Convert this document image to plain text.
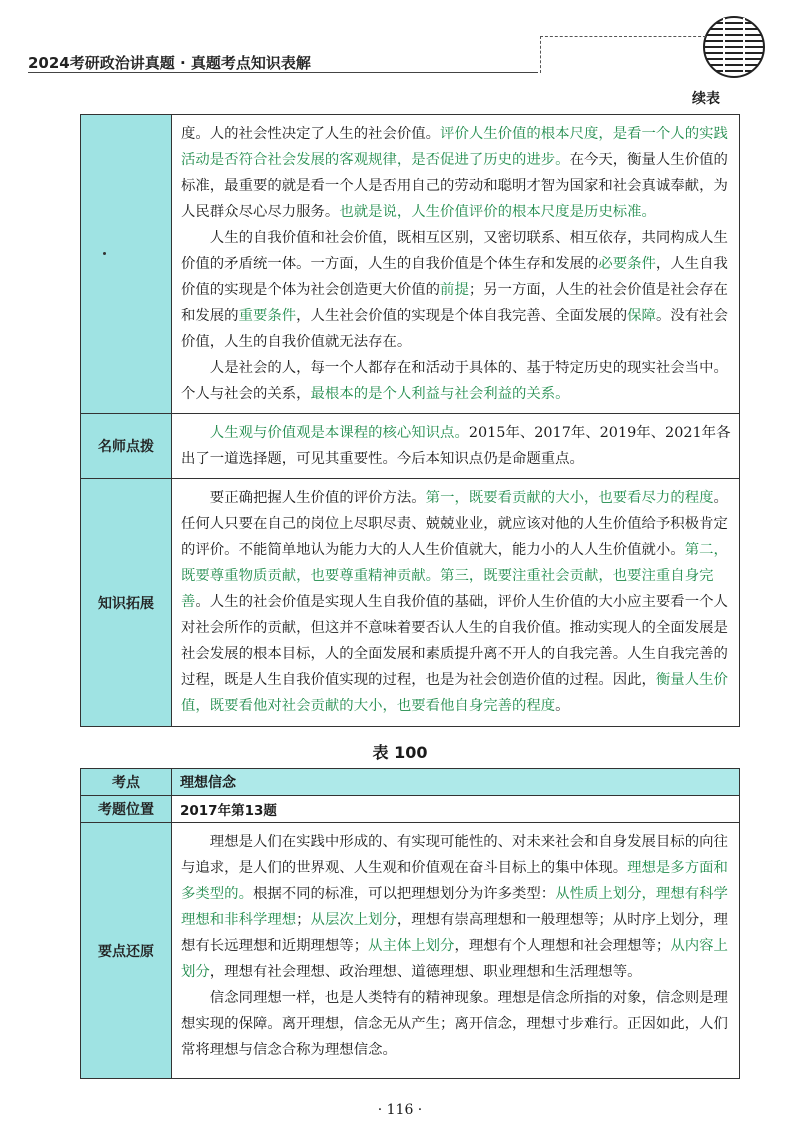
2024考研政治讲真题 · 真题考点知识表解
续表

	度。人的社会性决定了人生的社会价值。评价人生价值的根本尺度，是看一个人的实践活动是否符合社会发展的客观规律，是否促进了历史的进步。在今天，衡量人生价值的标准，最重要的就是看一个人是否用自己的劳动和聪明才智为国家和社会真诚奉献，为人民群众尽心尽力服务。也就是说，人生价值评价的根本尺度是历史标准。

人生的自我价值和社会价值，既相互区别，又密切联系、相互依存，共同构成人生价值的矛盾统一体。一方面，人生的自我价值是个体生存和发展的必要条件，人生自我价值的实现是个体为社会创造更大价值的前提；另一方面，人生的社会价值是社会存在和发展的重要条件，人生社会价值的实现是个体自我完善、全面发展的保障。没有社会价值，人生的自我价值就无法存在。

人是社会的人，每一个人都存在和活动于具体的、基于特定历史的现实社会当中。个人与社会的关系，最根本的是个人利益与社会利益的关系。

名师点拨	人生观与价值观是本课程的核心知识点。2015年、2017年、2019年、2021年各出了一道选择题，可见其重要性。今后本知识点仍是命题重点。

知识拓展	要正确把握人生价值的评价方法。第一，既要看贡献的大小，也要看尽力的程度。任何人只要在自己的岗位上尽职尽责、兢兢业业，就应该对他的人生价值给予积极肯定的评价。不能简单地认为能力大的人人生价值就大，能力小的人人生价值就小。第二，既要尊重物质贡献，也要尊重精神贡献。第三，既要注重社会贡献，也要注重自身完善。人生的社会价值是实现人生自我价值的基础，评价人生价值的大小应主要看一个人对社会所作的贡献，但这并不意味着要否认人生的自我价值。推动实现人的全面发展是社会发展的根本目标，人的全面发展和素质提升离不开人的自我完善。人生自我完善的过程，既是人生自我价值实现的过程，也是为社会创造价值的过程。因此，衡量人生价值，既要看他对社会贡献的大小，也要看他自身完善的程度。

表 100
考点	理想信念
考题位置	2017年第13题
要点还原	理想是人们在实践中形成的、有实现可能性的、对未来社会和自身发展目标的向往与追求，是人们的世界观、人生观和价值观在奋斗目标上的集中体现。理想是多方面和多类型的。根据不同的标准，可以把理想划分为许多类型：从性质上划分，理想有科学理想和非科学理想；从层次上划分，理想有崇高理想和一般理想等；从时序上划分，理想有长远理想和近期理想等；从主体上划分，理想有个人理想和社会理想等；从内容上划分，理想有社会理想、政治理想、道德理想、职业理想和生活理想等。

信念同理想一样，也是人类特有的精神现象。理想是信念所指的对象，信念则是理想实现的保障。离开理想，信念无从产生；离开信念，理想寸步难行。正因如此，人们常将理想与信念合称为理想信念。

· 116 ·
